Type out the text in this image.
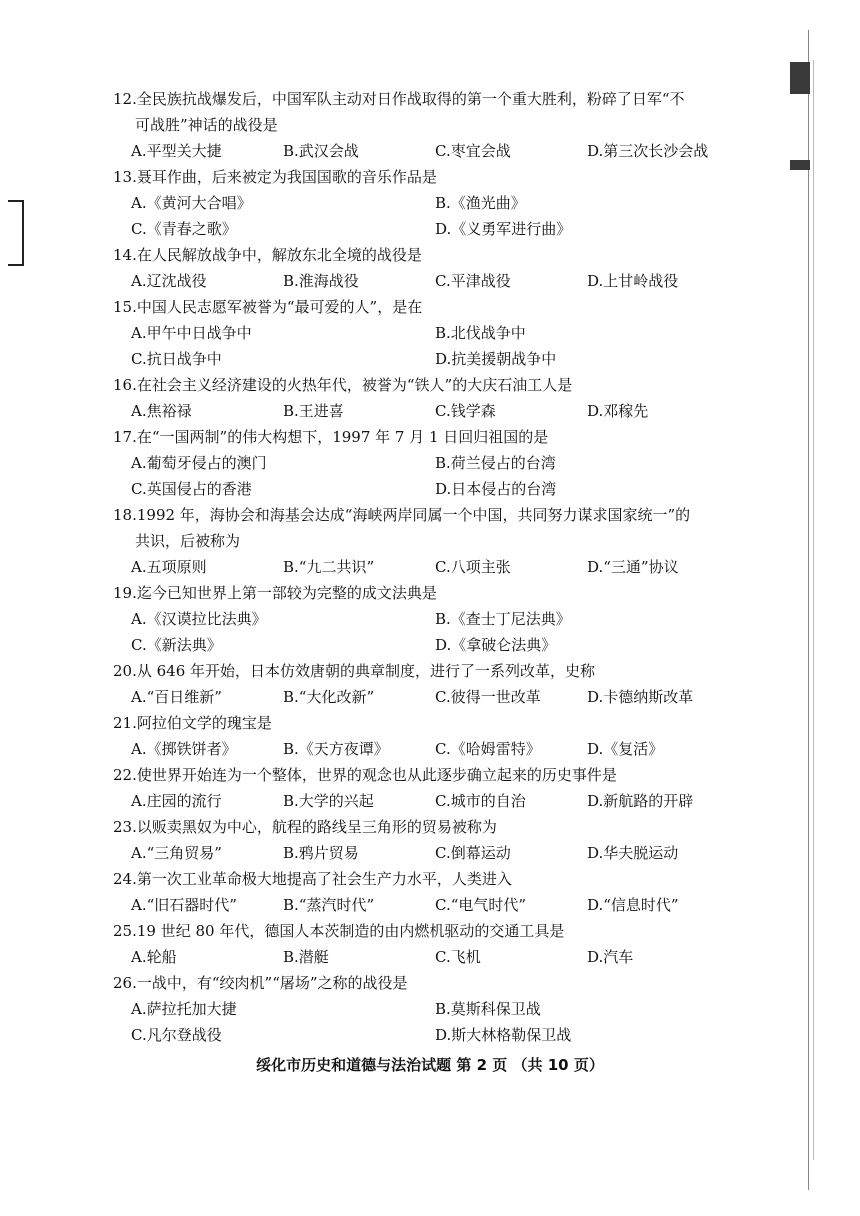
12.全民族抗战爆发后，中国军队主动对日作战取得的第一个重大胜利，粉碎了日军“不
可战胜”神话的战役是
A.平型关大捷	B.武汉会战	C.枣宜会战	D.第三次长沙会战
13.聂耳作曲，后来被定为我国国歌的音乐作品是
A.《黄河大合唱》	B.《渔光曲》
C.《青春之歌》	D.《义勇军进行曲》
14.在人民解放战争中，解放东北全境的战役是
A.辽沈战役	B.淮海战役	C.平津战役	D.上甘岭战役
15.中国人民志愿军被誉为“最可爱的人”，是在
A.甲午中日战争中	B.北伐战争中
C.抗日战争中	D.抗美援朝战争中
16.在社会主义经济建设的火热年代，被誉为“铁人”的大庆石油工人是
A.焦裕禄	B.王进喜	C.钱学森	D.邓稼先
17.在“一国两制”的伟大构想下，1997 年 7 月 1 日回归祖国的是
A.葡萄牙侵占的澳门	B.荷兰侵占的台湾
C.英国侵占的香港	D.日本侵占的台湾
18.1992 年，海协会和海基会达成“海峡两岸同属一个中国，共同努力谋求国家统一”的
共识，后被称为
A.五项原则	B.“九二共识”	C.八项主张	D.“三通”协议
19.迄今已知世界上第一部较为完整的成文法典是
A.《汉谟拉比法典》	B.《查士丁尼法典》
C.《新法典》	D.《拿破仑法典》
20.从 646 年开始，日本仿效唐朝的典章制度，进行了一系列改革，史称
A.“百日维新”	B.“大化改新”	C.彼得一世改革	D.卡德纳斯改革
21.阿拉伯文学的瑰宝是
A.《掷铁饼者》	B.《天方夜谭》	C.《哈姆雷特》	D.《复活》
22.使世界开始连为一个整体，世界的观念也从此逐步确立起来的历史事件是
A.庄园的流行	B.大学的兴起	C.城市的自治	D.新航路的开辟
23.以贩卖黑奴为中心，航程的路线呈三角形的贸易被称为
A.“三角贸易”	B.鸦片贸易	C.倒幕运动	D.华夫脱运动
24.第一次工业革命极大地提高了社会生产力水平，人类进入
A.“旧石器时代”	B.“蒸汽时代”	C.“电气时代”	D.“信息时代”
25.19 世纪 80 年代，德国人本茨制造的由内燃机驱动的交通工具是
A.轮船	B.潜艇	C.飞机	D.汽车
26.一战中，有“绞肉机”“屠场”之称的战役是
A.萨拉托加大捷	B.莫斯科保卫战
C.凡尔登战役	D.斯大林格勒保卫战
绥化市历史和道德与法治试题 第 2 页 （共 10 页）
